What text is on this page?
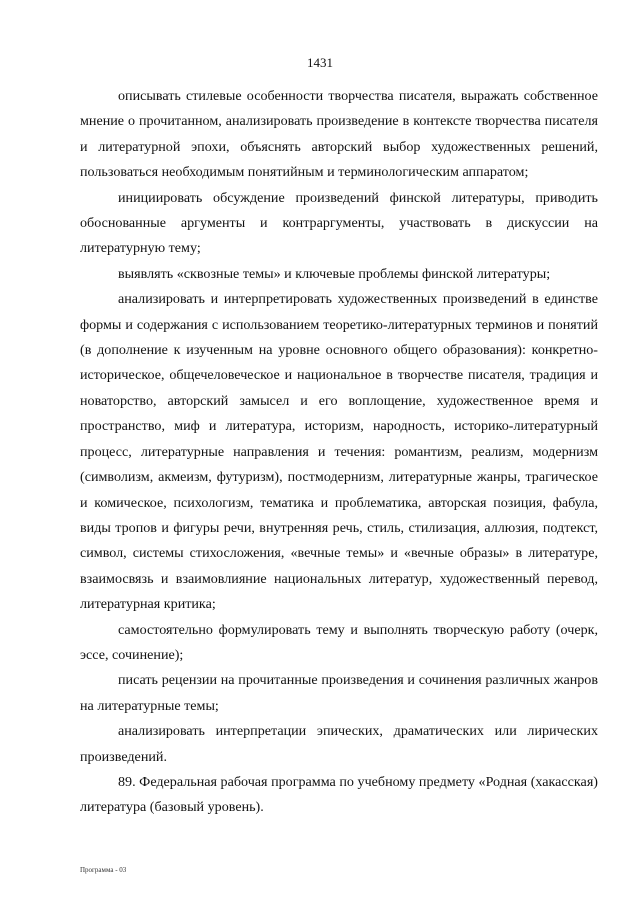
1431

описывать стилевые особенности творчества писателя, выражать собственное мнение о прочитанном, анализировать произведение в контексте творчества писателя и литературной эпохи, объяснять авторский выбор художественных решений, пользоваться необходимым понятийным и терминологическим аппаратом;

инициировать обсуждение произведений финской литературы, приводить обоснованные аргументы и контраргументы, участвовать в дискуссии на литературную тему;

выявлять «сквозные темы» и ключевые проблемы финской литературы;

анализировать и интерпретировать художественных произведений в единстве формы и содержания с использованием теоретико-литературных терминов и понятий (в дополнение к изученным на уровне основного общего образования): конкретно-историческое, общечеловеческое и национальное в творчестве писателя, традиция и новаторство, авторский замысел и его воплощение, художественное время и пространство, миф и литература, историзм, народность, историко-литературный процесс, литературные направления и течения: романтизм, реализм, модернизм (символизм, акмеизм, футуризм), постмодернизм, литературные жанры, трагическое и комическое, психологизм, тематика и проблематика, авторская позиция, фабула, виды тропов и фигуры речи, внутренняя речь, стиль, стилизация, аллюзия, подтекст, символ, системы стихосложения, «вечные темы» и «вечные образы» в литературе, взаимосвязь и взаимовлияние национальных литератур, художественный перевод, литературная критика;

самостоятельно формулировать тему и выполнять творческую работу (очерк, эссе, сочинение);

писать рецензии на прочитанные произведения и сочинения различных жанров на литературные темы;

анализировать интерпретации эпических, драматических или лирических произведений.

89. Федеральная рабочая программа по учебному предмету «Родная (хакасская) литература (базовый уровень).

Программа - 03
